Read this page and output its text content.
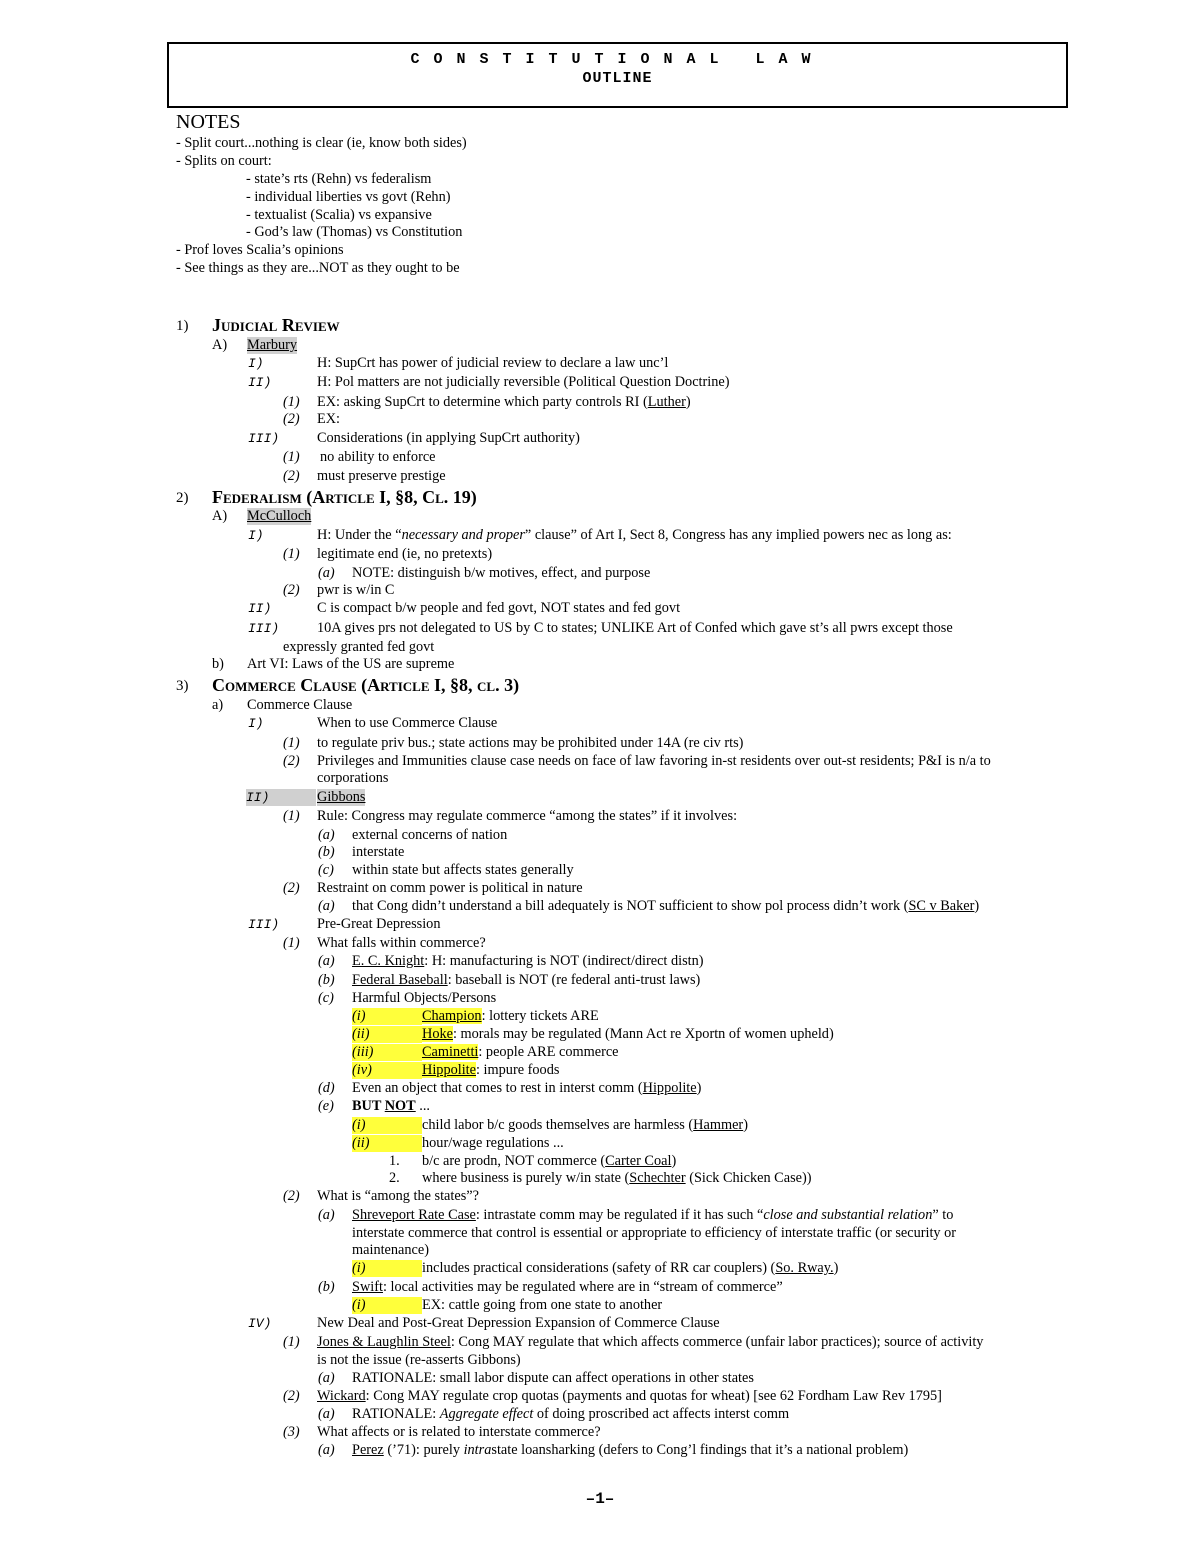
CONSTITUTIONAL LAW
OUTLINE
NOTES
- Split court...nothing is clear (ie, know both sides)
- Splits on court:
- state’s rts (Rehn) vs federalism
- individual liberties vs govt (Rehn)
- textualist (Scalia) vs expansive
- God’s law (Thomas) vs Constitution
- Prof loves Scalia’s opinions
- See things as they are...NOT as they ought to be
1) Judicial Review
A) Marbury
I)	H: SupCrt has power of judicial review to declare a law unc’l
II)	H: Pol matters are not judicially reversible (Political Question Doctrine)
(1) EX: asking SupCrt to determine which party controls RI (Luther)
(2) EX:
III)	Considerations (in applying SupCrt authority)
(1) no ability to enforce
(2) must preserve prestige
2) Federalism (Article I, §8, Cl. 19)
A) McCulloch
I)	H: Under the “necessary and proper” clause” of Art I, Sect 8, Congress has any implied powers nec as long as:
(1) legitimate end (ie, no pretexts)
(a) NOTE: distinguish b/w motives, effect, and purpose
(2) pwr is w/in C
II)	C is compact b/w people and fed govt, NOT states and fed govt
III)	10A gives prs not delegated to US by C to states; UNLIKE Art of Confed which gave st’s all pwrs except those
expressly granted fed govt
b) Art VI: Laws of the US are supreme
3) Commerce Clause (Article I, §8, cl. 3)
a) Commerce Clause
I)	When to use Commerce Clause
(1) to regulate priv bus.; state actions may be prohibited under 14A (re civ rts)
(2) Privileges and Immunities clause case needs on face of law favoring in-st residents over out-st residents; P&I is n/a to
corporations
II)	Gibbons
(1) Rule: Congress may regulate commerce “among the states” if it involves:
(a) external concerns of nation
(b) interstate
(c) within state but affects states generally
(2) Restraint on comm power is political in nature
(a) that Cong didn’t understand a bill adequately is NOT sufficient to show pol process didn’t work (SC v Baker)
III)	Pre-Great Depression
(1) What falls within commerce?
(a) E. C. Knight: H: manufacturing is NOT (indirect/direct distn)
(b) Federal Baseball: baseball is NOT (re federal anti-trust laws)
(c) Harmful Objects/Persons
(i)	Champion: lottery tickets ARE
(ii)	Hoke: morals may be regulated (Mann Act re Xportn of women upheld)
(iii)	Caminetti: people ARE commerce
(iv)	Hippolite: impure foods
(d) Even an object that comes to rest in interst comm (Hippolite)
(e) BUT NOT ...
(i)	child labor b/c goods themselves are harmless (Hammer)
(ii)	hour/wage regulations ...
1. b/c are prodn, NOT commerce (Carter Coal)
2. where business is purely w/in state (Schechter (Sick Chicken Case))
(2) What is “among the states”?
(a) Shreveport Rate Case: intrastate comm may be regulated if it has such “close and substantial relation” to
interstate commerce that control is essential or appropriate to efficiency of interstate traffic (or security or
maintenance)
(i)	includes practical considerations (safety of RR car couplers) (So. Rway.)
(b) Swift: local activities may be regulated where are in “stream of commerce”
(i)	EX: cattle going from one state to another
IV)	New Deal and Post-Great Depression Expansion of Commerce Clause
(1) Jones & Laughlin Steel: Cong MAY regulate that which affects commerce (unfair labor practices); source of activity
is not the issue (re-asserts Gibbons)
(a) RATIONALE: small labor dispute can affect operations in other states
(2) Wickard: Cong MAY regulate crop quotas (payments and quotas for wheat) [see 62 Fordham Law Rev 1795]
(a) RATIONALE: Aggregate effect of doing proscribed act affects interst comm
(3) What affects or is related to interstate commerce?
(a) Perez (’71): purely intrastate loansharking (defers to Cong’l findings that it’s a national problem)
–1–
